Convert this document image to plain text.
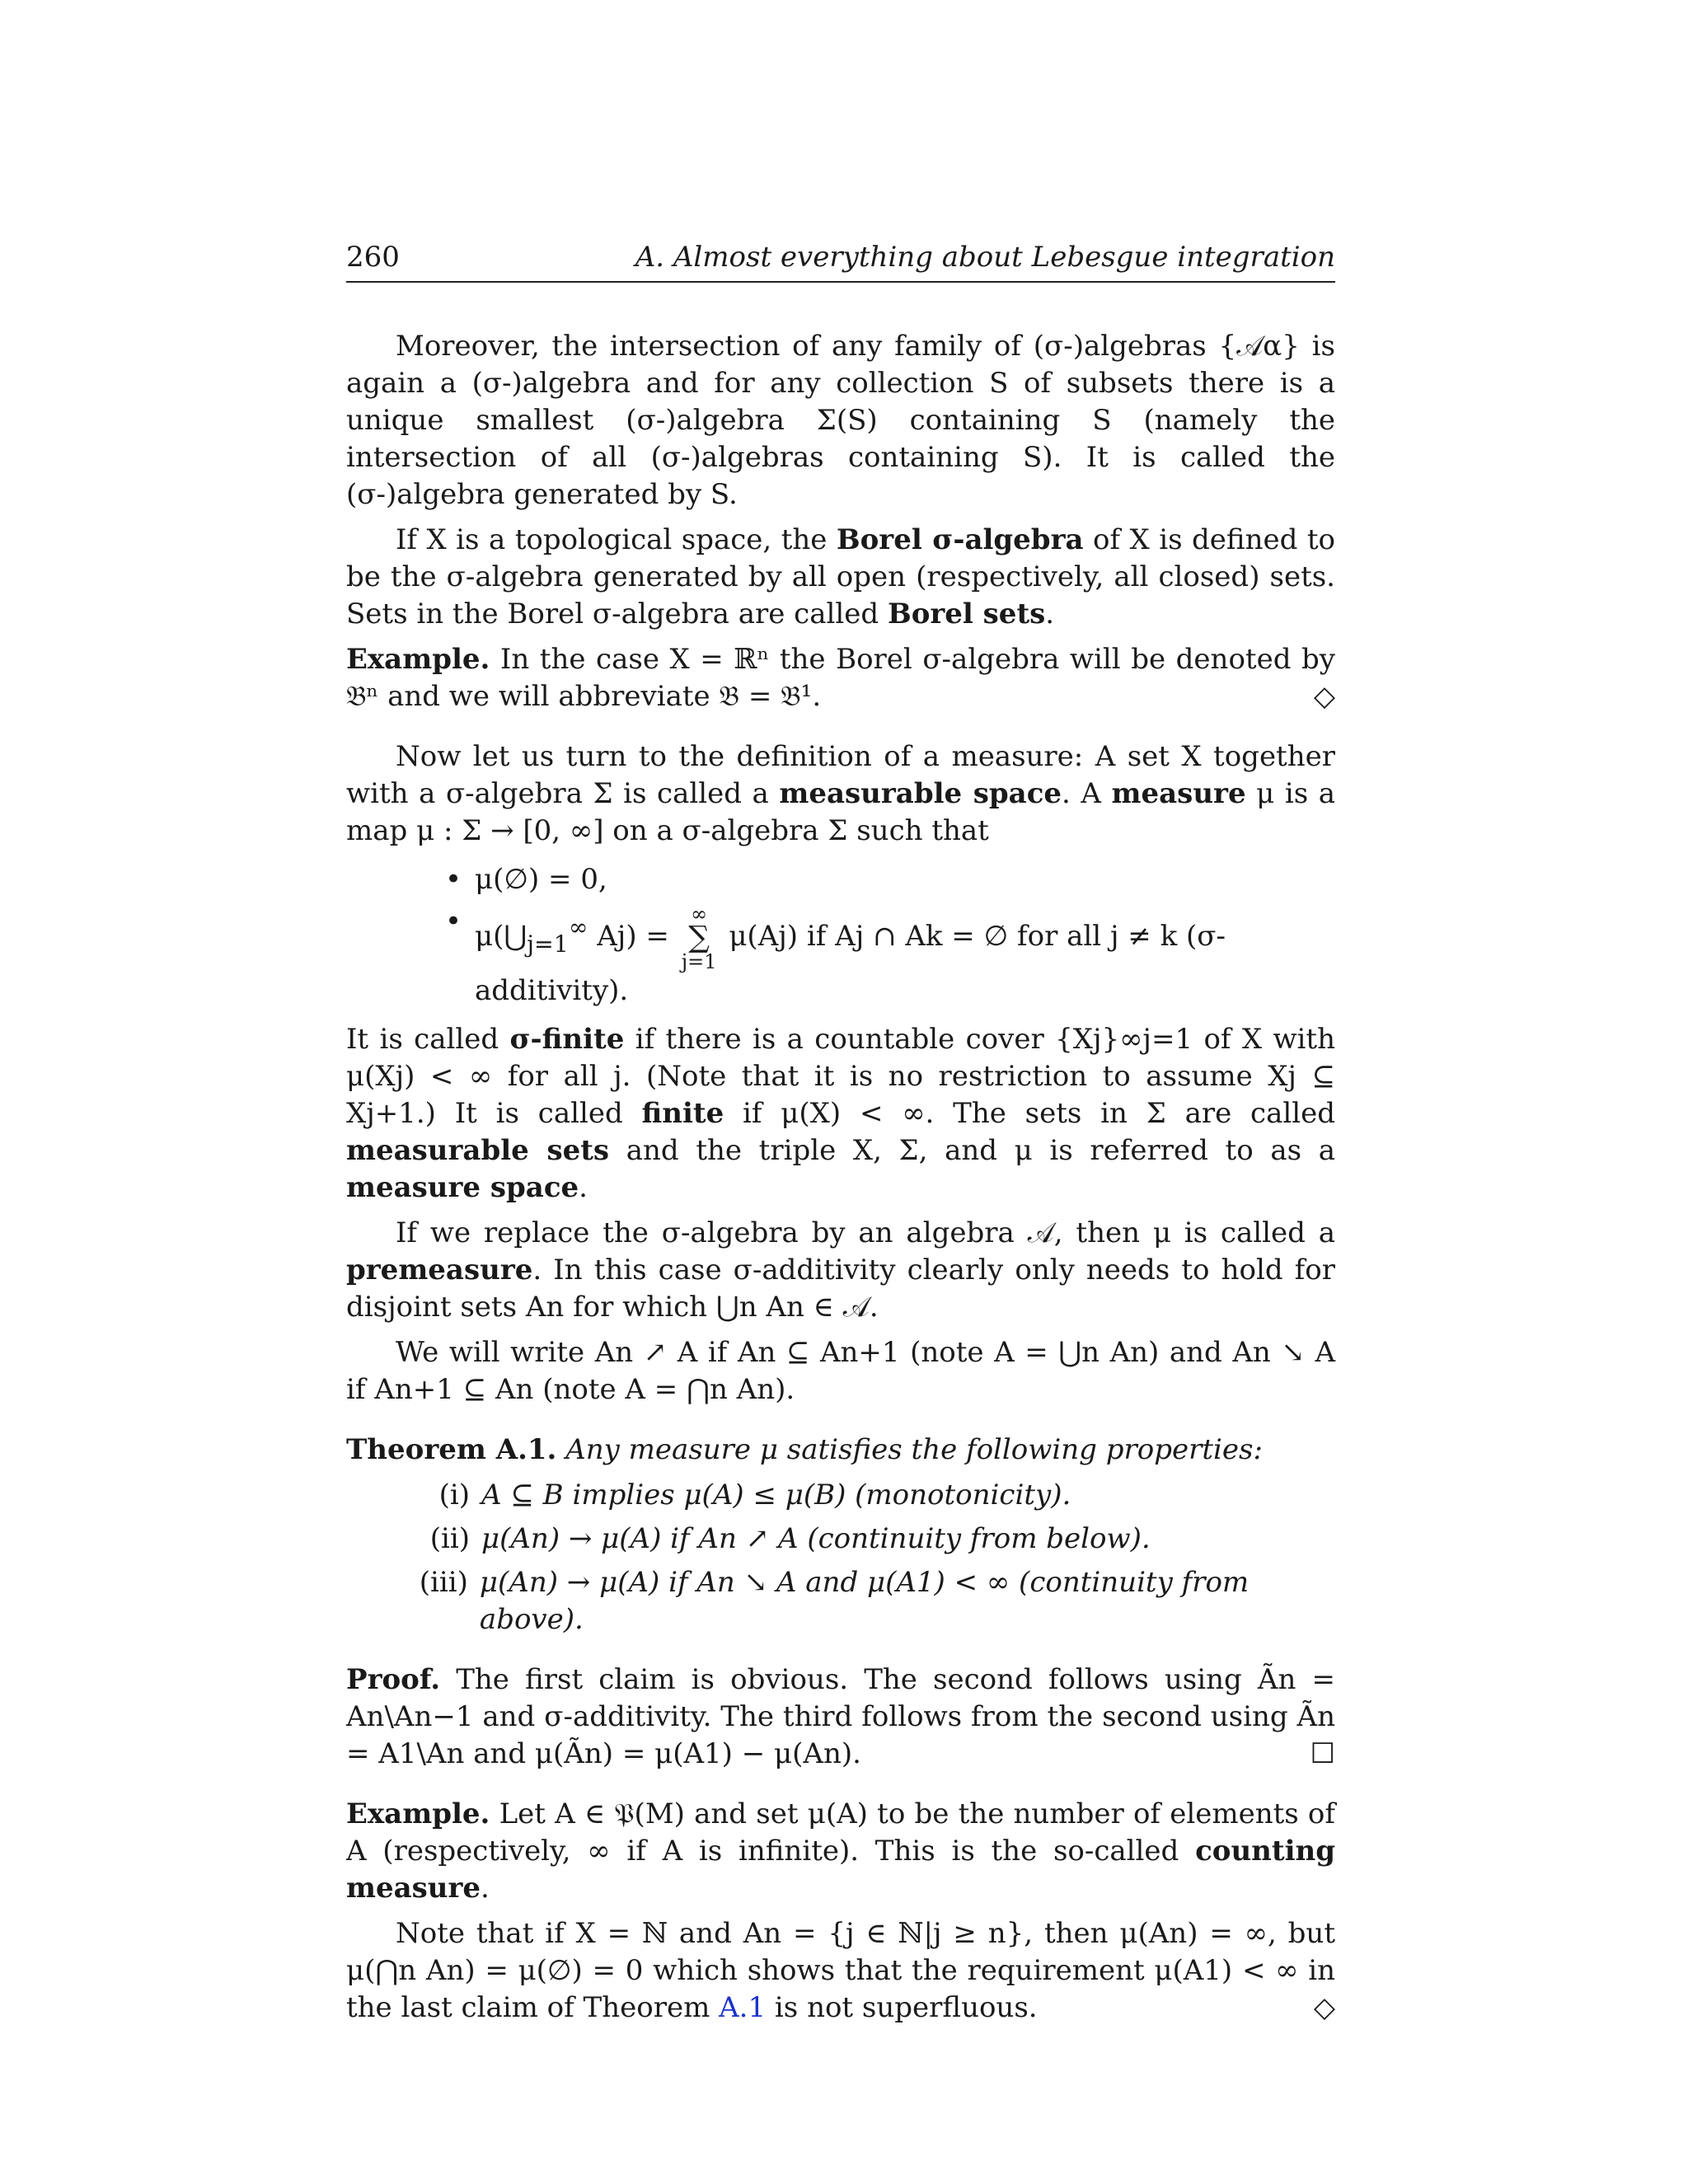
260	A. Almost everything about Lebesgue integration

Moreover, the intersection of any family of (σ-)algebras {𝒜α} is again a (σ-)algebra and for any collection S of subsets there is a unique smallest (σ-)algebra Σ(S) containing S (namely the intersection of all (σ-)algebras containing S). It is called the (σ-)algebra generated by S.

If X is a topological space, the Borel σ-algebra of X is defined to be the σ-algebra generated by all open (respectively, all closed) sets. Sets in the Borel σ-algebra are called Borel sets.

Example. In the case X = ℝⁿ the Borel σ-algebra will be denoted by 𝔅ⁿ and we will abbreviate 𝔅 = 𝔅¹.	◇

Now let us turn to the definition of a measure: A set X together with a σ-algebra Σ is called a measurable space. A measure μ is a map μ : Σ → [0, ∞] on a σ-algebra Σ such that

• μ(∅) = 0,
• $\mu(⋃_{j=1}^\infty$ Aj) =
∞
∑
j=1
μ(Aj) if Aj ∩ Ak = ∅ for all j ≠ k (σ-additivity).

It is called σ-finite if there is a countable cover {Xj}∞j=1 of X with μ(Xj) < ∞ for all j. (Note that it is no restriction to assume Xj ⊆ Xj+1.) It is called finite if μ(X) < ∞. The sets in Σ are called measurable sets and the triple X, Σ, and μ is referred to as a measure space.

If we replace the σ-algebra by an algebra 𝒜, then μ is called a premeasure. In this case σ-additivity clearly only needs to hold for disjoint sets An for which ⋃n An ∈ 𝒜.

We will write An ↗ A if An ⊆ An+1 (note A = ⋃n An) and An ↘ A if An+1 ⊆ An (note A = ⋂n An).

Theorem A.1. Any measure μ satisfies the following properties:

(i) A ⊆ B implies μ(A) ≤ μ(B) (monotonicity).
(ii) μ(An) → μ(A) if An ↗ A (continuity from below).
(iii) μ(An) → μ(A) if An ↘ A and μ(A1) < ∞ (continuity from above).

Proof. The first claim is obvious. The second follows using Ãn = An\An−1 and σ-additivity. The third follows from the second using Ãn = A1\An and μ(Ãn) = μ(A1) − μ(An).	☐

Example. Let A ∈ 𝔓(M) and set μ(A) to be the number of elements of A (respectively, ∞ if A is infinite). This is the so-called counting measure.

Note that if X = ℕ and An = {j ∈ ℕ|j ≥ n}, then μ(An) = ∞, but μ(⋂n An) = μ(∅) = 0 which shows that the requirement μ(A1) < ∞ in the last claim of Theorem A.1 is not superfluous.	◇
